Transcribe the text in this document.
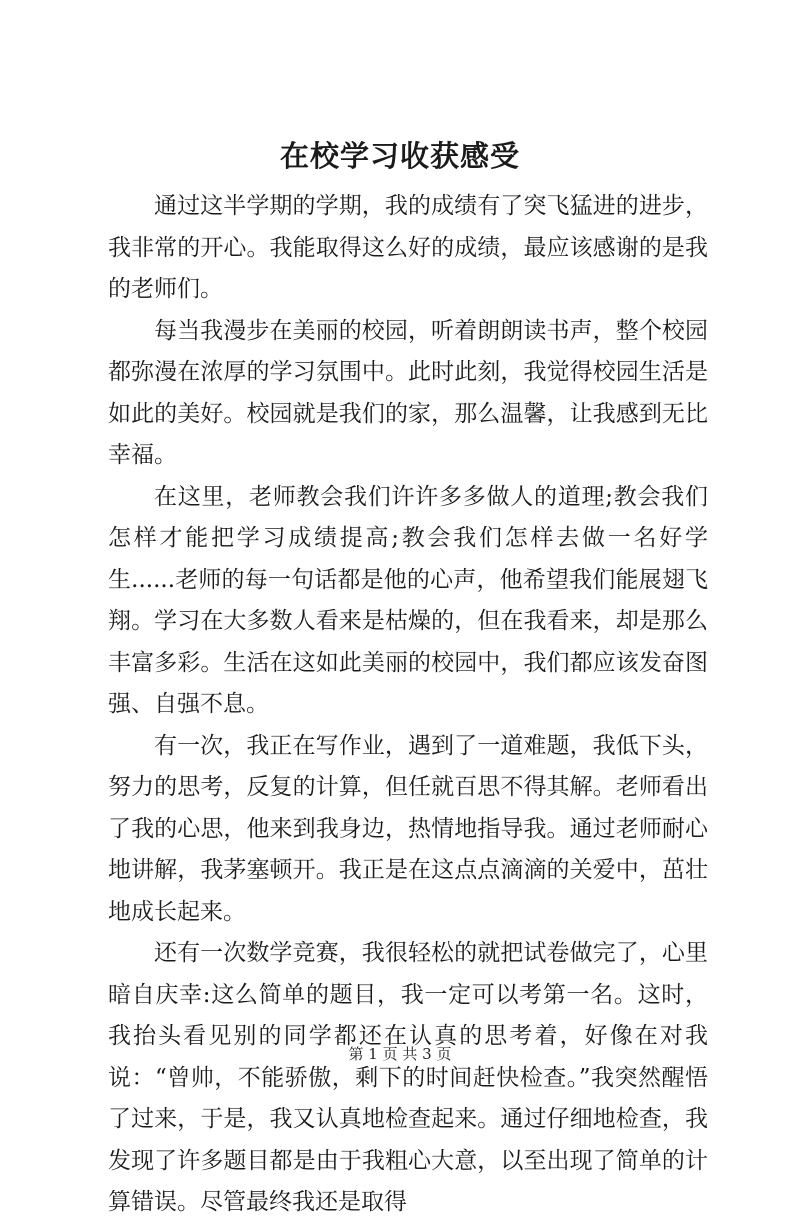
在校学习收获感受

通过这半学期的学期，我的成绩有了突飞猛进的进步，我非常的开心。我能取得这么好的成绩，最应该感谢的是我的老师们。

每当我漫步在美丽的校园，听着朗朗读书声，整个校园都弥漫在浓厚的学习氛围中。此时此刻，我觉得校园生活是如此的美好。校园就是我们的家，那么温馨，让我感到无比幸福。

在这里，老师教会我们许许多多做人的道理;教会我们怎样才能把学习成绩提高;教会我们怎样去做一名好学生......老师的每一句话都是他的心声，他希望我们能展翅飞翔。学习在大多数人看来是枯燥的，但在我看来，却是那么丰富多彩。生活在这如此美丽的校园中，我们都应该发奋图强、自强不息。

有一次，我正在写作业，遇到了一道难题，我低下头，努力的思考，反复的计算，但任就百思不得其解。老师看出了我的心思，他来到我身边，热情地指导我。通过老师耐心地讲解，我茅塞顿开。我正是在这点点滴滴的关爱中，茁壮地成长起来。

还有一次数学竞赛，我很轻松的就把试卷做完了，心里暗自庆幸:这么简单的题目，我一定可以考第一名。这时，我抬头看见别的同学都还在认真的思考着，好像在对我说：“曾帅，不能骄傲，剩下的时间赶快检查。”我突然醒悟了过来，于是，我又认真地检查起来。通过仔细地检查，我发现了许多题目都是由于我粗心大意，以至出现了简单的计算错误。尽管最终我还是取得

第 1 页 共 3 页
